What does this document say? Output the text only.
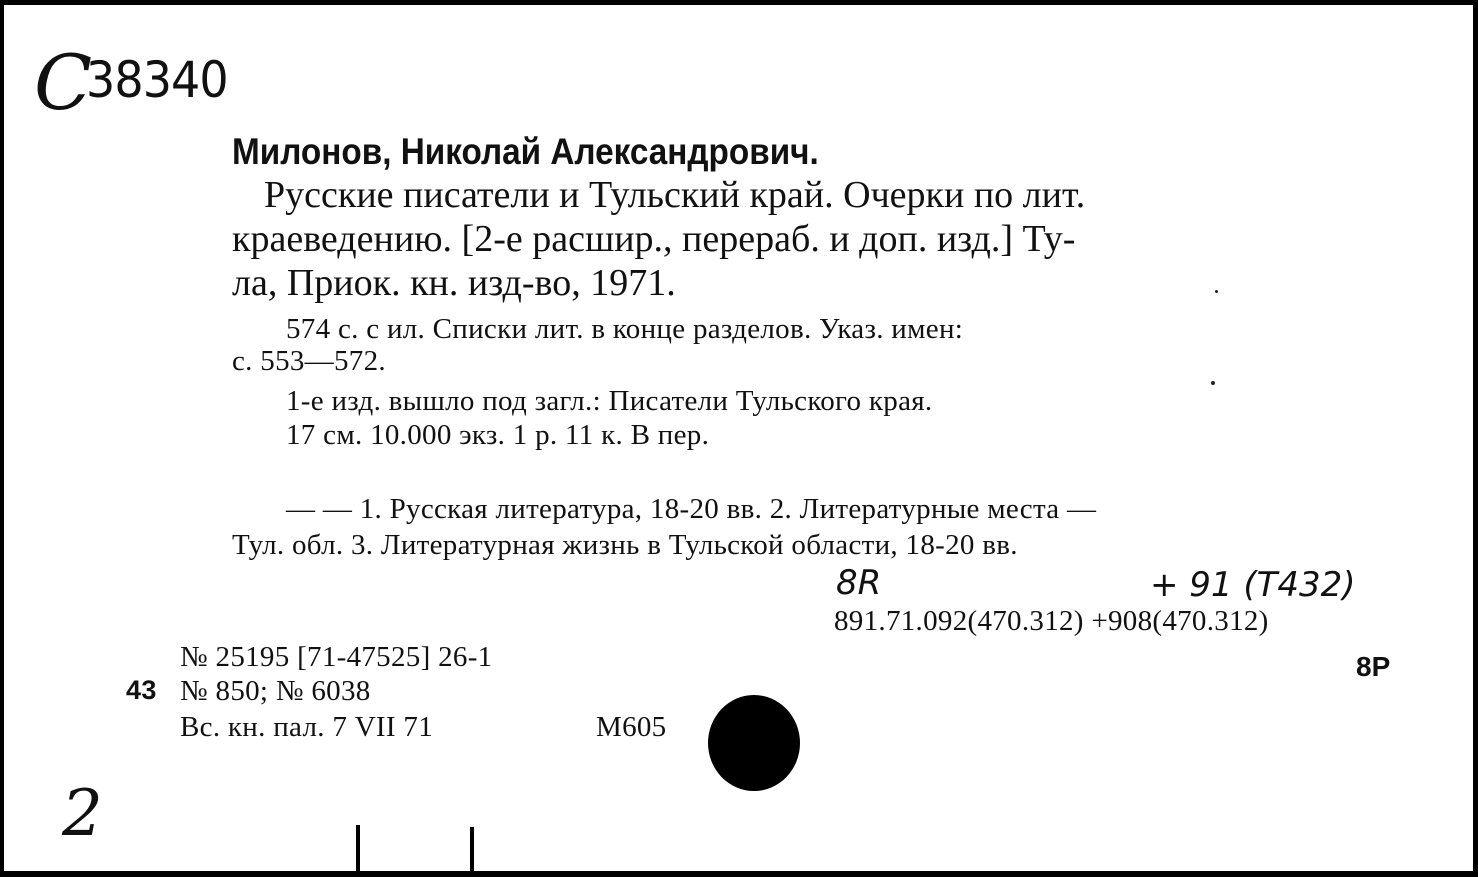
С
38340
Милонов, Николай Александрович.
Русские писатели и Тульский край. Очерки по лит.
краеведению. [2-е расшир., перераб. и доп. изд.] Ту-
ла, Приок. кн. изд-во, 1971.
574 с. с ил. Списки лит. в конце разделов. Указ. имен:
с. 553—572.
1-е изд. вышло под загл.: Писатели Тульского края.
17 см. 10.000 экз. 1 р. 11 к. В пер.
— — 1. Русская литература, 18-20 вв. 2. Литературные места —
Тул. обл. 3. Литературная жизнь в Тульской области, 18-20 вв.
8R	+ 91 (T432)
891.71.092(470.312) +908(470.312)
8Р
№ 25195 [71-47525] 26-1
43 № 850; № 6038
Вс. кн. пал. 7 VII 71	М605
2
